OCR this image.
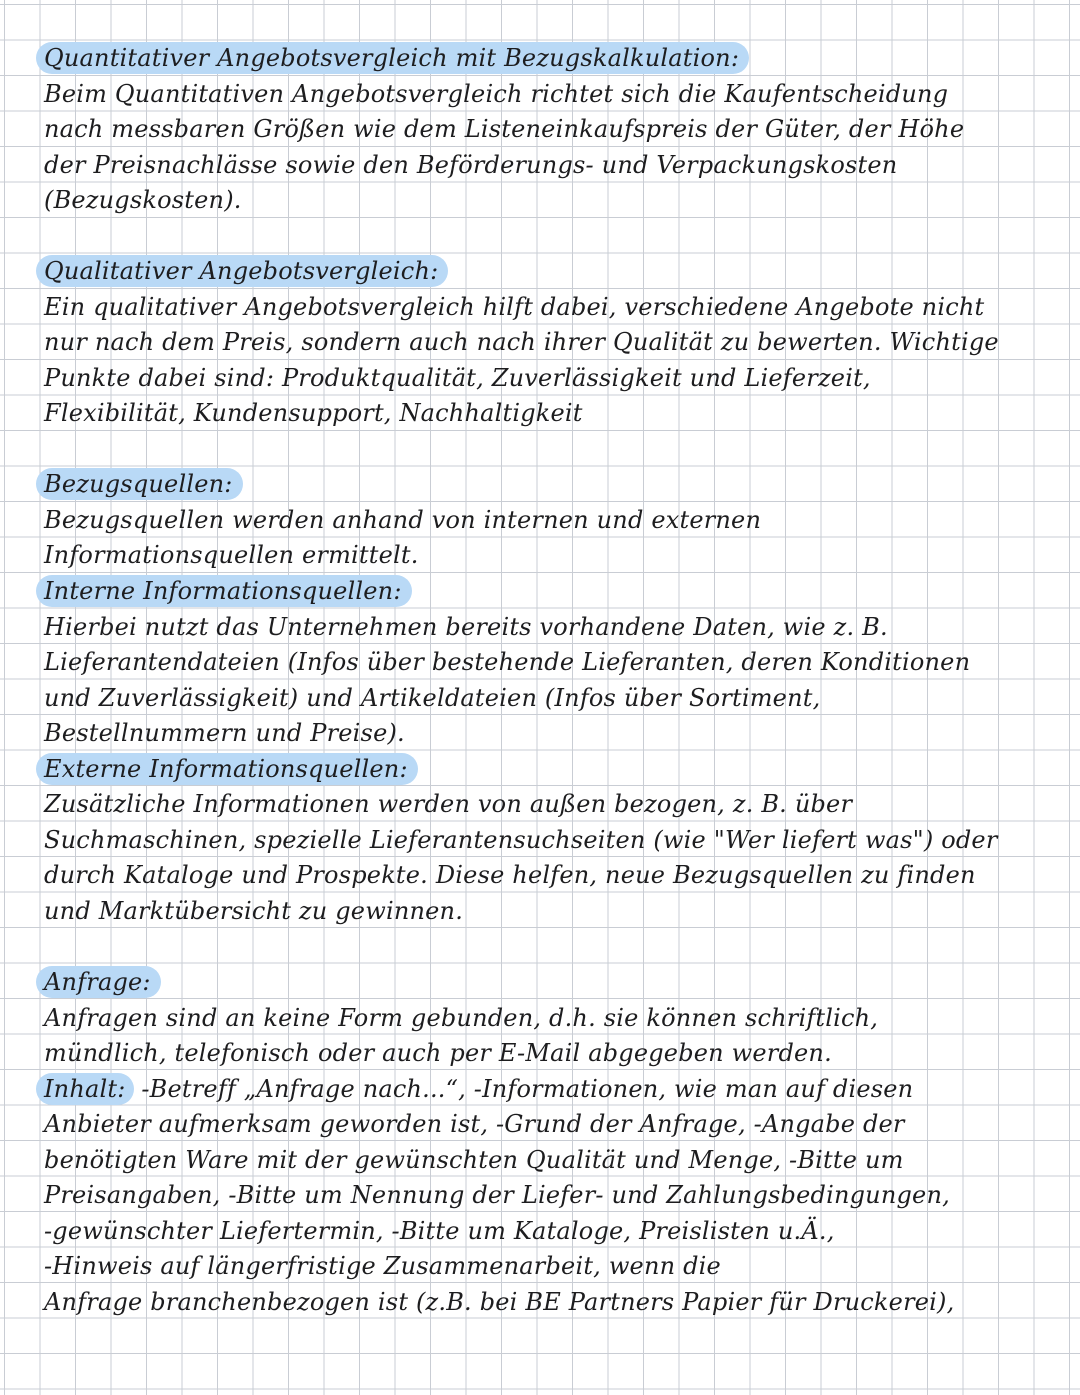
Quantitativer Angebotsvergleich mit Bezugskalkulation:
Beim Quantitativen Angebotsvergleich richtet sich die Kaufentscheidung
nach messbaren Größen wie dem Listeneinkaufspreis der Güter, der Höhe
der Preisnachlässe sowie den Beförderungs- und Verpackungskosten
(Bezugskosten).
Qualitativer Angebotsvergleich:
Ein qualitativer Angebotsvergleich hilft dabei, verschiedene Angebote nicht
nur nach dem Preis, sondern auch nach ihrer Qualität zu bewerten. Wichtige
Punkte dabei sind: Produktqualität, Zuverlässigkeit und Lieferzeit,
Flexibilität, Kundensupport, Nachhaltigkeit
Bezugsquellen:
Bezugsquellen werden anhand von internen und externen
Informationsquellen ermittelt.
Interne Informationsquellen:
Hierbei nutzt das Unternehmen bereits vorhandene Daten, wie z. B.
Lieferantendateien (Infos über bestehende Lieferanten, deren Konditionen
und Zuverlässigkeit) und Artikeldateien (Infos über Sortiment,
Bestellnummern und Preise).
Externe Informationsquellen:
Zusätzliche Informationen werden von außen bezogen, z. B. über
Suchmaschinen, spezielle Lieferantensuchseiten (wie "Wer liefert was") oder
durch Kataloge und Prospekte. Diese helfen, neue Bezugsquellen zu finden
und Marktübersicht zu gewinnen.
Anfrage:
Anfragen sind an keine Form gebunden, d.h. sie können schriftlich,
mündlich, telefonisch oder auch per E-Mail abgegeben werden.
Inhalt: -Betreff „Anfrage nach...“, -Informationen, wie man auf diesen
Anbieter aufmerksam geworden ist, -Grund der Anfrage, -Angabe der
benötigten Ware mit der gewünschten Qualität und Menge, -Bitte um
Preisangaben, -Bitte um Nennung der Liefer- und Zahlungsbedingungen,
-gewünschter Liefertermin, -Bitte um Kataloge, Preislisten u.Ä.,
-Hinweis auf längerfristige Zusammenarbeit, wenn die
Anfrage branchenbezogen ist (z.B. bei BE Partners Papier für Druckerei),
